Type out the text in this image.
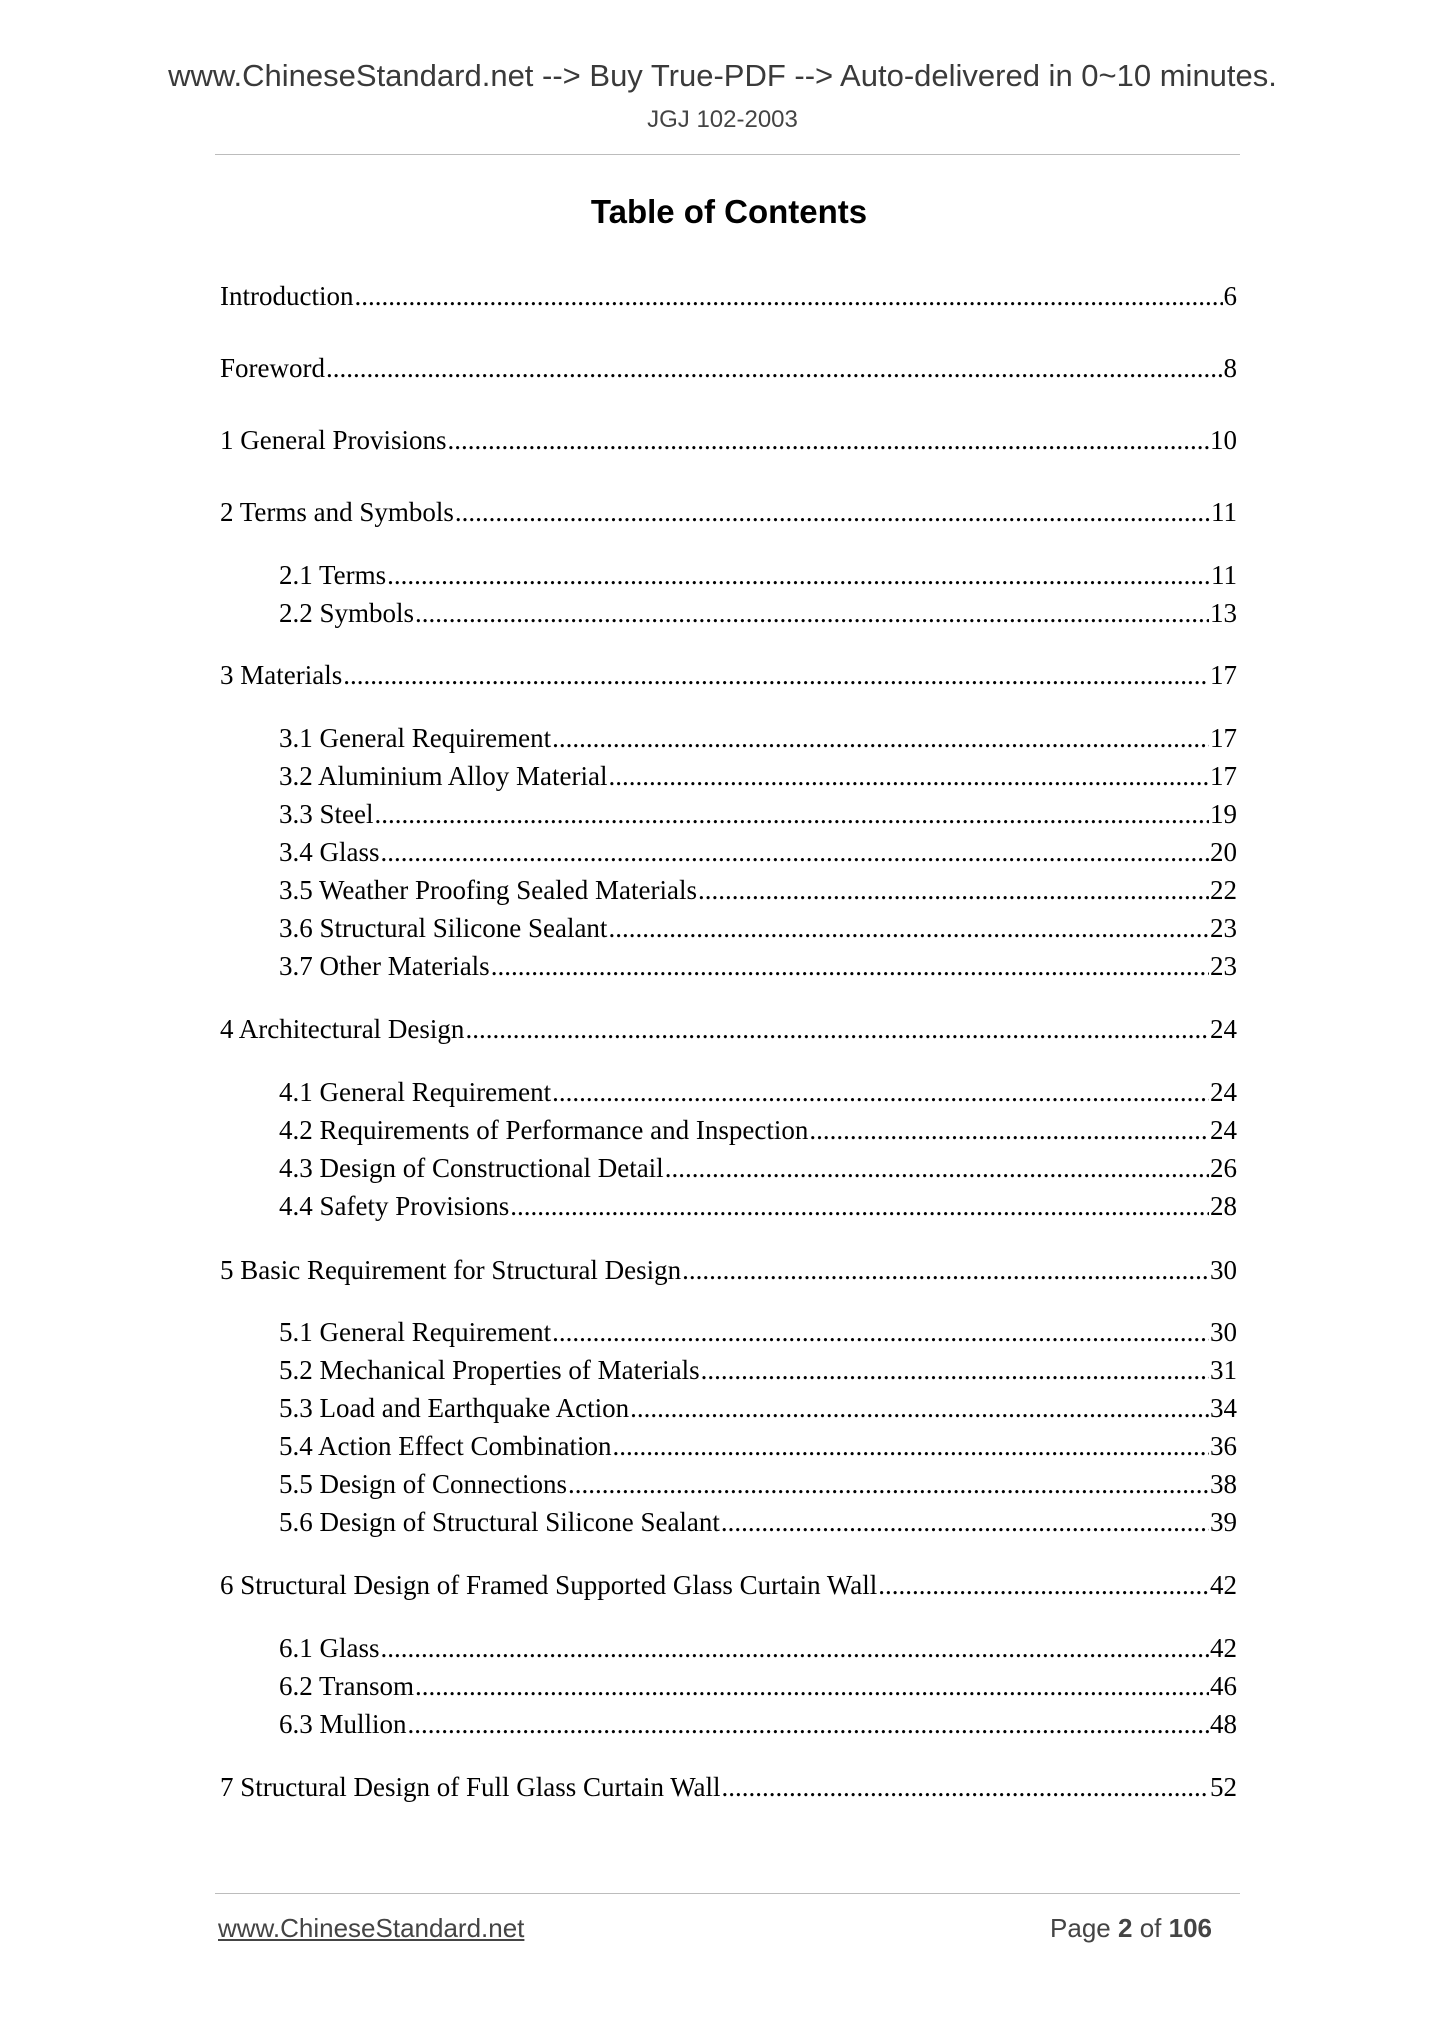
www.ChineseStandard.net --> Buy True-PDF --> Auto-delivered in 0~10 minutes.
JGJ 102-2003
Table of Contents
Introduction .....	6
Foreword .....	8
1 General Provisions .....	10
2 Terms and Symbols .....	11
2.1 Terms .....	11
2.2 Symbols .....	13
3 Materials .....	17
3.1 General Requirement .....	17
3.2 Aluminium Alloy Material .....	17
3.3 Steel .....	19
3.4 Glass .....	20
3.5 Weather Proofing Sealed Materials .....	22
3.6 Structural Silicone Sealant .....	23
3.7 Other Materials .....	23
4 Architectural Design .....	24
4.1 General Requirement .....	24
4.2 Requirements of Performance and Inspection .....	24
4.3 Design of Constructional Detail .....	26
4.4 Safety Provisions .....	28
5 Basic Requirement for Structural Design .....	30
5.1 General Requirement .....	30
5.2 Mechanical Properties of Materials .....	31
5.3 Load and Earthquake Action .....	34
5.4 Action Effect Combination .....	36
5.5 Design of Connections .....	38
5.6 Design of Structural Silicone Sealant .....	39
6 Structural Design of Framed Supported Glass Curtain Wall .....	42
6.1 Glass .....	42
6.2 Transom .....	46
6.3 Mullion .....	48
7 Structural Design of Full Glass Curtain Wall .....	52
www.ChineseStandard.net	Page 2 of 106
